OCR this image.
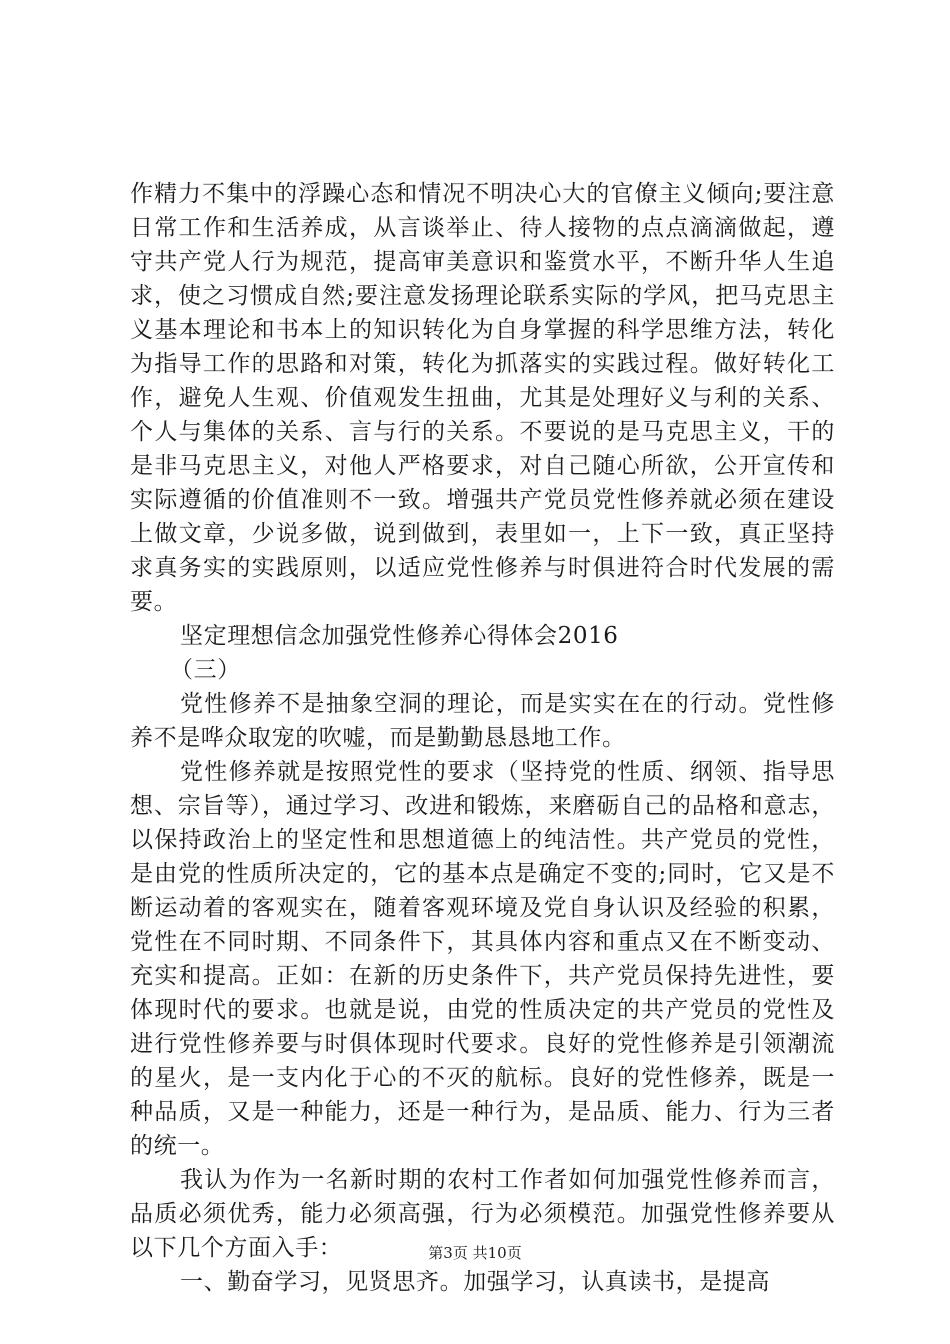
作精力不集中的浮躁心态和情况不明决心大的官僚主义倾向;要注意日常工作和生活养成，从言谈举止、待人接物的点点滴滴做起，遵守共产党人行为规范，提高审美意识和鉴赏水平，不断升华人生追求，使之习惯成自然;要注意发扬理论联系实际的学风，把马克思主义基本理论和书本上的知识转化为自身掌握的科学思维方法，转化为指导工作的思路和对策，转化为抓落实的实践过程。做好转化工作，避免人生观、价值观发生扭曲，尤其是处理好义与利的关系、个人与集体的关系、言与行的关系。不要说的是马克思主义，干的是非马克思主义，对他人严格要求，对自己随心所欲，公开宣传和实际遵循的价值准则不一致。增强共产党员党性修养就必须在建设上做文章，少说多做，说到做到，表里如一，上下一致，真正坚持求真务实的实践原则，以适应党性修养与时俱进符合时代发展的需要。

坚定理想信念加强党性修养心得体会2016

（三）

党性修养不是抽象空洞的理论，而是实实在在的行动。党性修养不是哗众取宠的吹嘘，而是勤勤恳恳地工作。

党性修养就是按照党性的要求（坚持党的性质、纲领、指导思想、宗旨等），通过学习、改进和锻炼，来磨砺自己的品格和意志，以保持政治上的坚定性和思想道德上的纯洁性。共产党员的党性，是由党的性质所决定的，它的基本点是确定不变的;同时，它又是不断运动着的客观实在，随着客观环境及党自身认识及经验的积累，党性在不同时期、不同条件下，其具体内容和重点又在不断变动、充实和提高。正如：在新的历史条件下，共产党员保持先进性，要体现时代的要求。也就是说，由党的性质决定的共产党员的党性及进行党性修养要与时俱体现时代要求。良好的党性修养是引领潮流的星火，是一支内化于心的不灭的航标。良好的党性修养，既是一种品质，又是一种能力，还是一种行为，是品质、能力、行为三者的统一。

我认为作为一名新时期的农村工作者如何加强党性修养而言，品质必须优秀，能力必须高强，行为必须模范。加强党性修养要从以下几个方面入手：

一、勤奋学习，见贤思齐。加强学习，认真读书，是提高

第3页 共10页
